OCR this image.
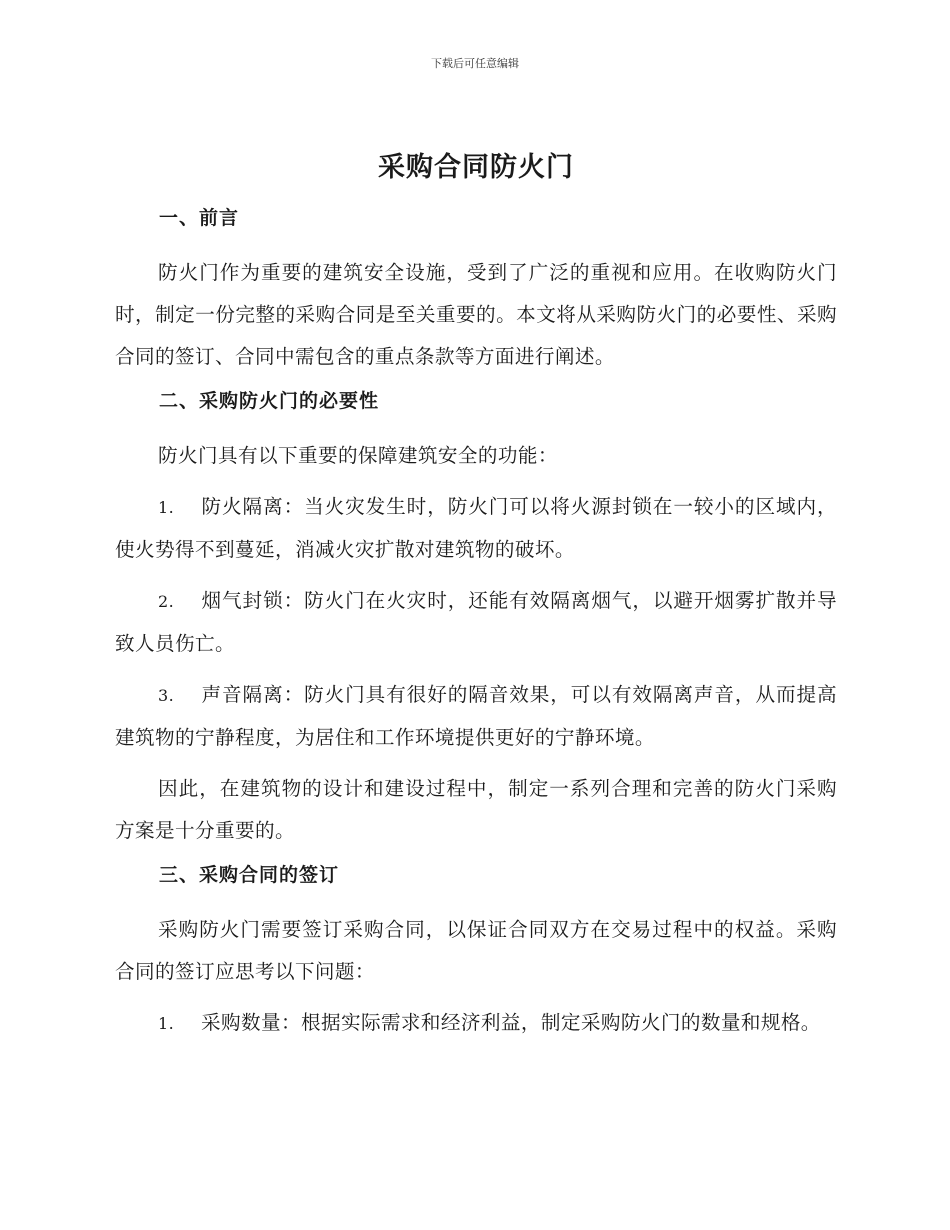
下载后可任意编辑
采购合同防火门
一、前言

防火门作为重要的建筑安全设施，受到了广泛的重视和应用。在收购防火门时，制定一份完整的采购合同是至关重要的。本文将从采购防火门的必要性、采购合同的签订、合同中需包含的重点条款等方面进行阐述。

二、采购防火门的必要性

防火门具有以下重要的保障建筑安全的功能：

1. 防火隔离：当火灾发生时，防火门可以将火源封锁在一较小的区域内，使火势得不到蔓延，消减火灾扩散对建筑物的破坏。

2. 烟气封锁：防火门在火灾时，还能有效隔离烟气，以避开烟雾扩散并导致人员伤亡。

3. 声音隔离：防火门具有很好的隔音效果，可以有效隔离声音，从而提高建筑物的宁静程度，为居住和工作环境提供更好的宁静环境。

因此，在建筑物的设计和建设过程中，制定一系列合理和完善的防火门采购方案是十分重要的。

三、采购合同的签订

采购防火门需要签订采购合同，以保证合同双方在交易过程中的权益。采购合同的签订应思考以下问题：

1. 采购数量：根据实际需求和经济利益，制定采购防火门的数量和规格。
